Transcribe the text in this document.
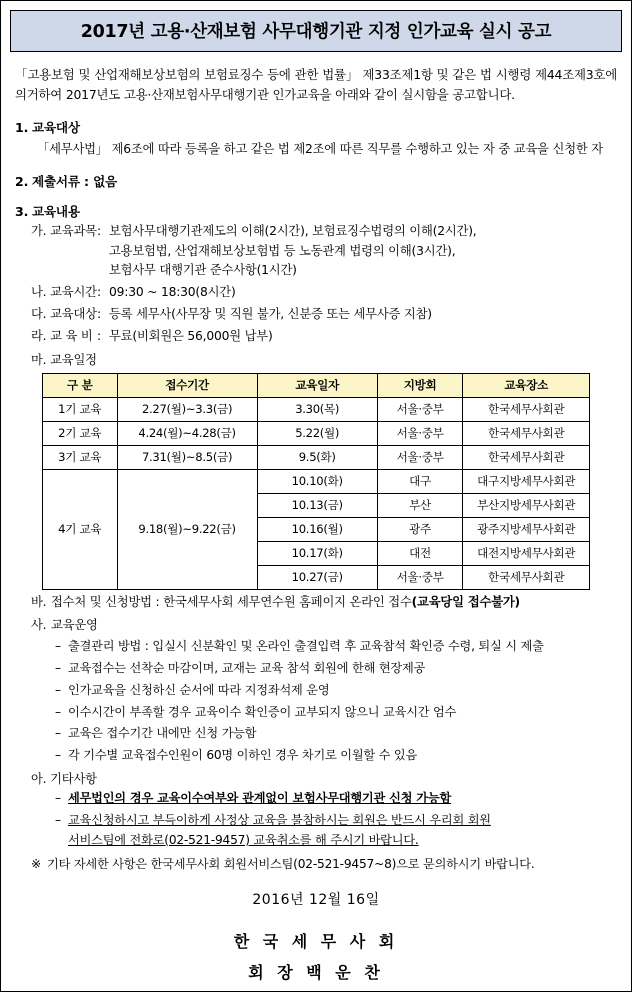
2017년 고용·산재보험 사무대행기관 지정 인가교육 실시 공고
「고용보험 및 산업재해보상보험의 보험료징수 등에 관한 법률」 제33조제1항 및 같은 법 시행령 제44조제3호에 의거하여 2017년도 고용·산재보험사무대행기관 인가교육을 아래와 같이 실시함을 공고합니다.
1. 교육대상
「세무사법」 제6조에 따라 등록을 하고 같은 법 제2조에 따른 직무를 수행하고 있는 자 중 교육을 신청한 자
2. 제출서류 : 없음
3. 교육내용
가. 교육과목 : 보험사무대행기관제도의 이해(2시간), 보험료징수법령의 이해(2시간),
고용보험법, 산업재해보상보험법 등 노동관계 법령의 이해(3시간),
보험사무 대행기관 준수사항(1시간)
나. 교육시간 : 09:30 ~ 18:30(8시간)
다. 교육대상 : 등록 세무사(사무장 및 직원 불가, 신분증 또는 세무사증 지참)
라. 교 육 비 : 무료(비회원은 56,000원 납부)
마. 교육일정
구 분	접수기간	교육일자	지방회	교육장소
1기 교육	2.27(월)~3.3(금)	3.30(목)	서울·중부	한국세무사회관
2기 교육	4.24(월)~4.28(금)	5.22(월)	서울·중부	한국세무사회관
3기 교육	7.31(월)~8.5(금)	9.5(화)	서울·중부	한국세무사회관
4기 교육	9.18(월)~9.22(금)	10.10(화)	대구	대구지방세무사회관
		10.13(금)	부산	부산지방세무사회관
		10.16(월)	광주	광주지방세무사회관
		10.17(화)	대전	대전지방세무사회관
		10.27(금)	서울·중부	한국세무사회관
바. 접수처 및 신청방법 : 한국세무사회 세무연수원 홈페이지 온라인 접수(교육당일 접수불가)
사. 교육운영
– 출결관리 방법 : 입실시 신분확인 및 온라인 출결입력 후 교육참석 확인증 수령, 퇴실 시 제출
– 교육접수는 선착순 마감이며, 교재는 교육 참석 회원에 한해 현장제공
– 인가교육을 신청하신 순서에 따라 지정좌석제 운영
– 이수시간이 부족할 경우 교육이수 확인증이 교부되지 않으니 교육시간 엄수
– 교육은 접수기간 내에만 신청 가능함
– 각 기수별 교육접수인원이 60명 이하인 경우 차기로 이월할 수 있음
아. 기타사항
– 세무법인의 경우 교육이수여부와 관계없이 보험사무대행기관 신청 가능함
– 교육신청하시고 부득이하게 사정상 교육을 불참하시는 회원은 반드시 우리회 회원
서비스팀에 전화로(02-521-9457) 교육취소를 해 주시기 바랍니다.
※ 기타 자세한 사항은 한국세무사회 회원서비스팀(02-521-9457~8)으로 문의하시기 바랍니다.
2016년 12월 16일
한 국 세 무 사 회
회 장 백 운 찬
